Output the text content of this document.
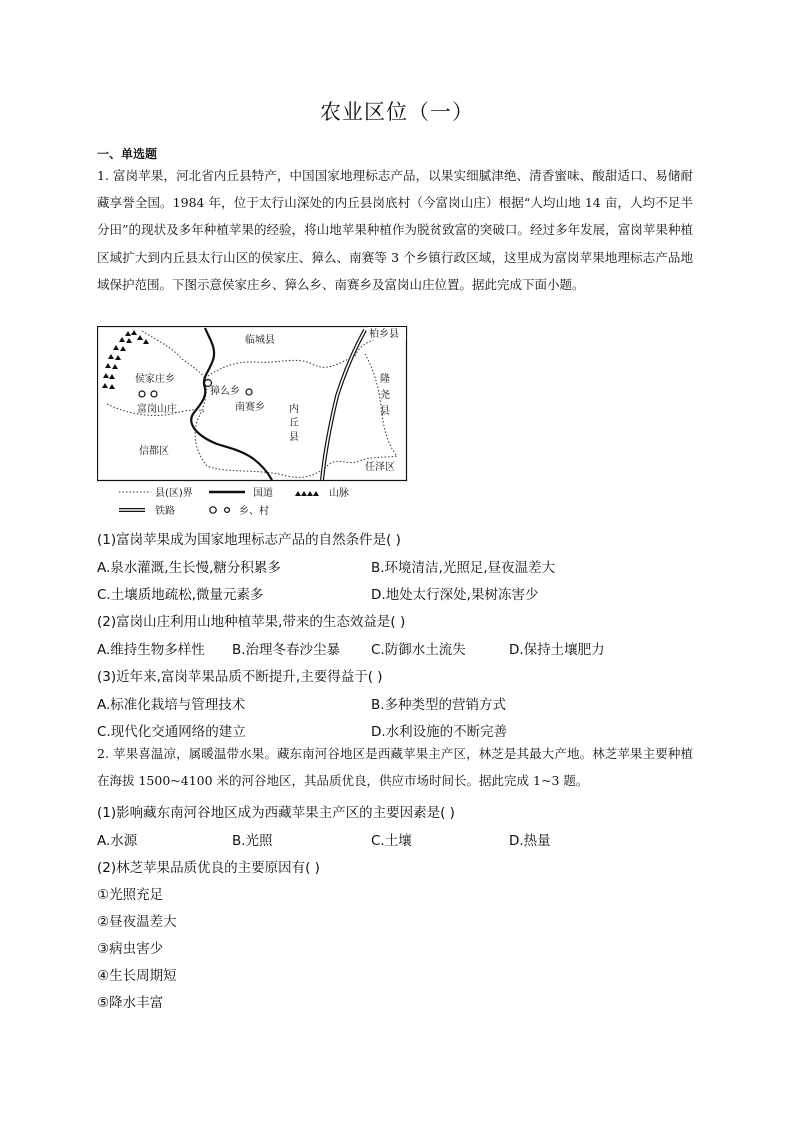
农业区位（一）
一、单选题
1. 富岗苹果，河北省内丘县特产，中国国家地理标志产品，以果实细腻津绝、清香蜜味、酸甜适口、易储耐藏享誉全国。1984 年，位于太行山深处的内丘县岗底村（今富岗山庄）根据“人均山地 14 亩，人均不足半分田”的现状及多年种植苹果的经验，将山地苹果种植作为脱贫致富的突破口。经过多年发展，富岗苹果种植区域扩大到内丘县太行山区的侯家庄、獐么、南赛等 3 个乡镇行政区域，这里成为富岗苹果地理标志产品地域保护范围。下图示意侯家庄乡、獐么乡、南赛乡及富岗山庄位置。据此完成下面小题。
临城县
柏乡县
隆
尧
县
内
丘
县
侯家庄乡
獐么乡
南赛乡
富岗山庄
信都区
任泽区
县(区)界	国道	山脉
铁路	乡、村
(1)富岗苹果成为国家地理标志产品的自然条件是( )
A.泉水灌溉,生长慢,糖分积累多	B.环境清洁,光照足,昼夜温差大
C.土壤质地疏松,微量元素多	D.地处太行深处,果树冻害少
(2)富岗山庄利用山地种植苹果,带来的生态效益是( )
A.维持生物多样性 B.治理冬春沙尘暴 C.防御水土流失	D.保持土壤肥力
(3)近年来,富岗苹果品质不断提升,主要得益于( )
A.标准化栽培与管理技术	B.多种类型的营销方式
C.现代化交通网络的建立	D.水利设施的不断完善
2. 苹果喜温凉，属暖温带水果。藏东南河谷地区是西藏苹果主产区，林芝是其最大产地。林芝苹果主要种植在海拔 1500~4100 米的河谷地区，其品质优良，供应市场时间长。据此完成 1~3 题。
(1)影响藏东南河谷地区成为西藏苹果主产区的主要因素是( )
A.水源	B.光照	C.土壤	D.热量
(2)林芝苹果品质优良的主要原因有( )
①光照充足
②昼夜温差大
③病虫害少
④生长周期短
⑤降水丰富
